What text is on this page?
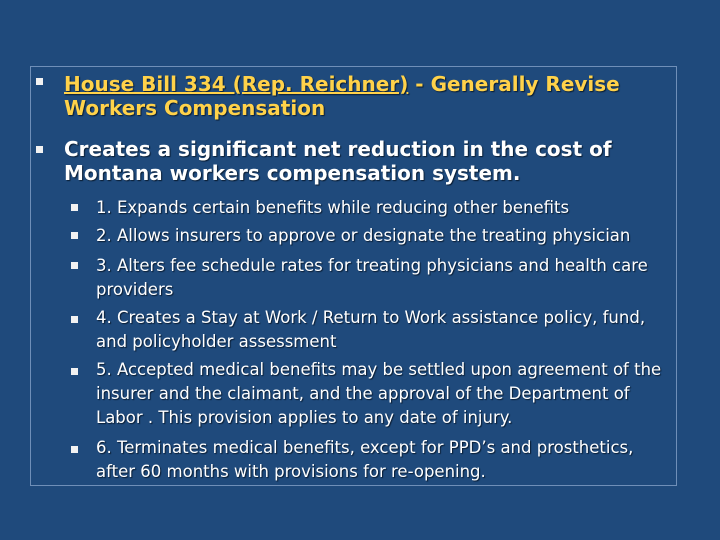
House Bill 334 (Rep. Reichner) - Generally Revise Workers Compensation
Creates a significant net reduction in the cost of Montana workers compensation system.
1. Expands certain benefits while reducing other benefits
2. Allows insurers to approve or designate the treating physician
3. Alters fee schedule rates for treating physicians and health care providers
4. Creates a Stay at Work / Return to Work assistance policy, fund, and policyholder assessment
5. Accepted medical benefits may be settled upon agreement of the insurer and the claimant, and the approval of the Department of Labor . This provision applies to any date of injury.
6. Terminates medical benefits, except for PPD’s and prosthetics, after 60 months with provisions for re-opening.
